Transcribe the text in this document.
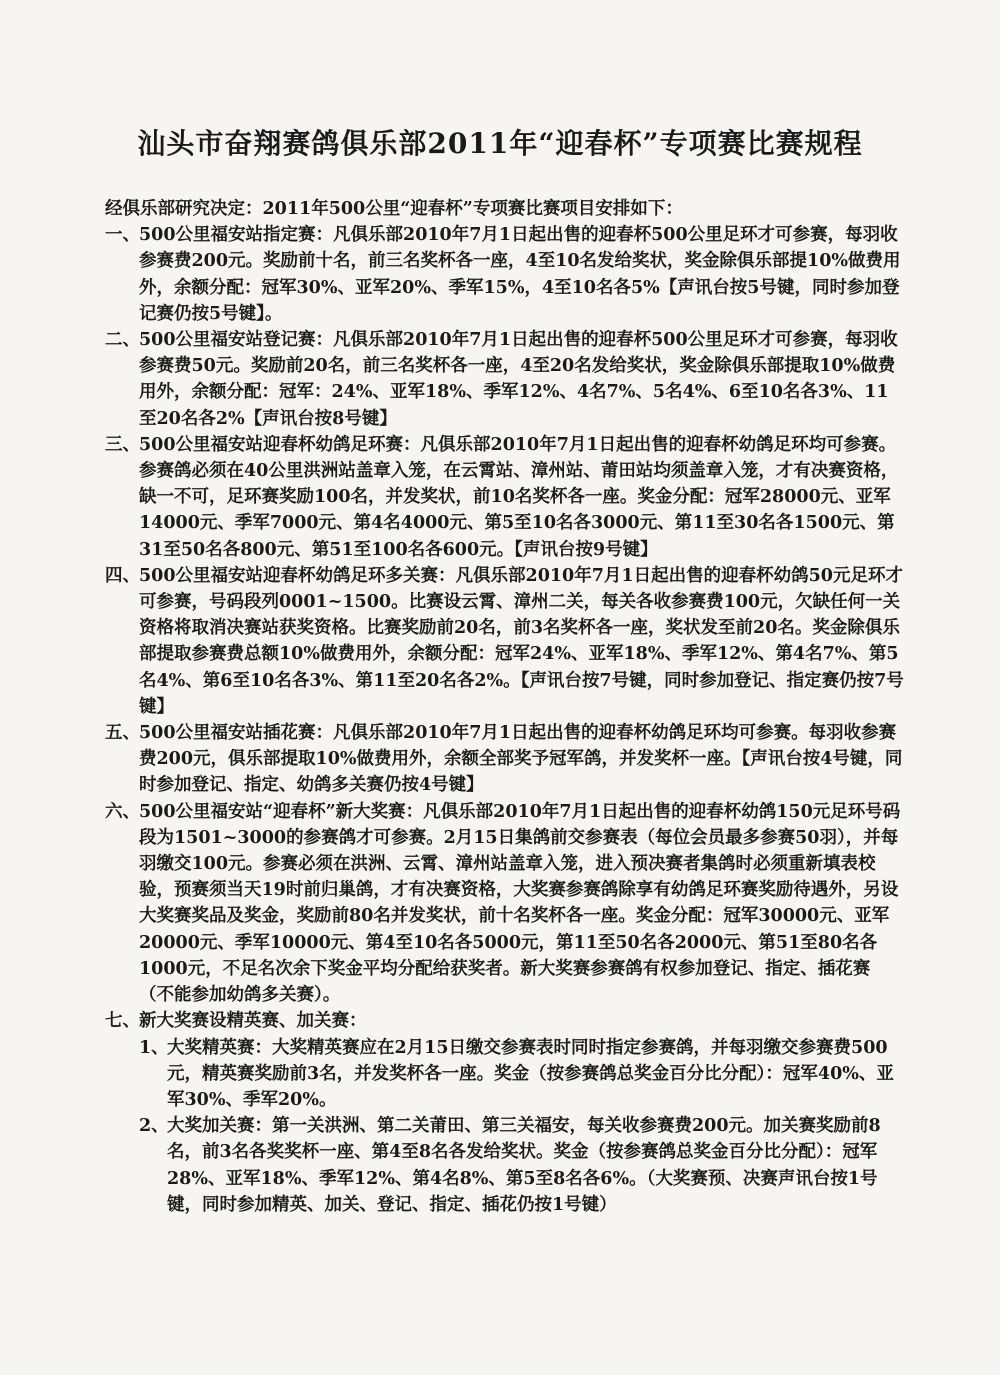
汕头市奋翔赛鸽俱乐部2011年“迎春杯”专项赛比赛规程

经俱乐部研究决定：2011年500公里“迎春杯”专项赛比赛项目安排如下：

一、 500公里福安站指定赛：凡俱乐部2010年7月1日起出售的迎春杯500公里足环才可参赛，每羽收参赛费200元。奖励前十名，前三名奖杯各一座，4至10名发给奖状，奖金除俱乐部提10%做费用外，余额分配：冠军30%、亚军20%、季军15%，4至10名各5%【声讯台按5号键，同时参加登记赛仍按5号键】。
二、 500公里福安站登记赛：凡俱乐部2010年7月1日起出售的迎春杯500公里足环才可参赛，每羽收参赛费50元。奖励前20名，前三名奖杯各一座，4至20名发给奖状，奖金除俱乐部提取10%做费用外，余额分配：冠军：24%、亚军18%、季军12%、4名7%、5名4%、6至10名各3%、11至20名各2%【声讯台按8号键】
三、 500公里福安站迎春杯幼鸽足环赛：凡俱乐部2010年7月1日起出售的迎春杯幼鸽足环均可参赛。参赛鸽必须在40公里洪洲站盖章入笼，在云霄站、漳州站、莆田站均须盖章入笼，才有决赛资格，缺一不可，足环赛奖励100名，并发奖状，前10名奖杯各一座。奖金分配：冠军28000元、亚军14000元、季军7000元、第4名4000元、第5至10名各3000元、第11至30名各1500元、第31至50名各800元、第51至100名各600元。【声讯台按9号键】
四、 500公里福安站迎春杯幼鸽足环多关赛：凡俱乐部2010年7月1日起出售的迎春杯幼鸽50元足环才可参赛，号码段列0001~1500。比赛设云霄、漳州二关，每关各收参赛费100元，欠缺任何一关资格将取消决赛站获奖资格。比赛奖励前20名，前3名奖杯各一座，奖状发至前20名。奖金除俱乐部提取参赛费总额10%做费用外，余额分配：冠军24%、亚军18%、季军12%、第4名7%、第5名4%、第6至10名各3%、第11至20名各2%。【声讯台按7号键，同时参加登记、指定赛仍按7号键】
五、 500公里福安站插花赛：凡俱乐部2010年7月1日起出售的迎春杯幼鸽足环均可参赛。每羽收参赛费200元，俱乐部提取10%做费用外，余额全部奖予冠军鸽，并发奖杯一座。【声讯台按4号键，同时参加登记、指定、幼鸽多关赛仍按4号键】
六、 500公里福安站“迎春杯”新大奖赛：凡俱乐部2010年7月1日起出售的迎春杯幼鸽150元足环号码段为1501~3000的参赛鸽才可参赛。2月15日集鸽前交参赛表（每位会员最多参赛50羽），并每羽缴交100元。参赛必须在洪洲、云霄、漳州站盖章入笼，进入预决赛者集鸽时必须重新填表校验，预赛须当天19时前归巢鸽，才有决赛资格，大奖赛参赛鸽除享有幼鸽足环赛奖励待遇外，另设大奖赛奖品及奖金，奖励前80名并发奖状，前十名奖杯各一座。奖金分配：冠军30000元、亚军20000元、季军10000元、第4至10名各5000元，第11至50名各2000元、第51至80名各1000元，不足名次余下奖金平均分配给获奖者。新大奖赛参赛鸽有权参加登记、指定、插花赛（不能参加幼鸽多关赛）。
七、 新大奖赛设精英赛、加关赛：
1、
大奖精英赛：大奖精英赛应在2月15日缴交参赛表时同时指定参赛鸽，并每羽缴交参赛费500元，精英赛奖励前3名，并发奖杯各一座。奖金（按参赛鸽总奖金百分比分配）：冠军40%、亚军30%、季军20%。
2、
大奖加关赛：第一关洪洲、第二关莆田、第三关福安，每关收参赛费200元。加关赛奖励前8名，前3名各奖奖杯一座、第4至8名各发给奖状。奖金（按参赛鸽总奖金百分比分配）：冠军28%、亚军18%、季军12%、第4名8%、第5至8名各6%。（大奖赛预、决赛声讯台按1号键，同时参加精英、加关、登记、指定、插花仍按1号键）
